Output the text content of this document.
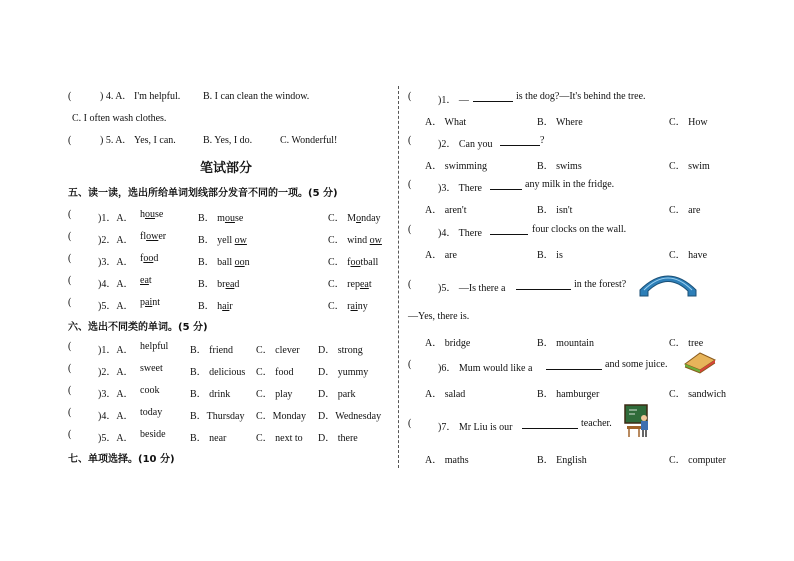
(	) 4. A. I'm helpful. B. I can clean the window.
C. I often wash clothes.
(	) 5. A. Yes, I can.	B. Yes, I do.	C. Wonderful!
笔试部分
五、读一读，选出所给单词划线部分发音不同的一项。(5 分)
(	)1．A． house	B． mouse	C． Monday
(	)2．A． flower	B． yell ow	C． wind ow
(	)3．A． food	B． ball oon	C． football
(	)4．A． eat	B． bread	C． repeat
(	)5．A． paint	B． hair	C． rainy
六、选出不同类的单词。(5 分)
(	)1．A． helpful B． friend C． clever D． strong
(	)2．A． sweet	B． delicious C． food D． yummy
(	)3．A． cook	B． drink	C． play	D． park
(	)4．A． today	B．Thursday C．Monday D．Wednesday
(	)5．A． beside B． near	C． next to D． there
七、单项选择。(10 分)
(	)1． —	is the dog?—It's behind the tree.
A． What	B． Where	C． How
(	)2． Can you	?
A． swimming	B． swims	C． swim
(	)3． There	any milk in the fridge.
A． aren't	B． isn't	C． are
(	)4． There	four clocks on the wall.
A． are	B． is	C． have
(	)5． —Is there a	in the forest?
—Yes, there is.
A． bridge	B． mountain	C． tree
(	)6． Mum would like a	and some juice.
A． salad	B． hamburger	C． sandwich
(	)7． Mr Liu is our	teacher.
A． maths	B． English	C． computer
